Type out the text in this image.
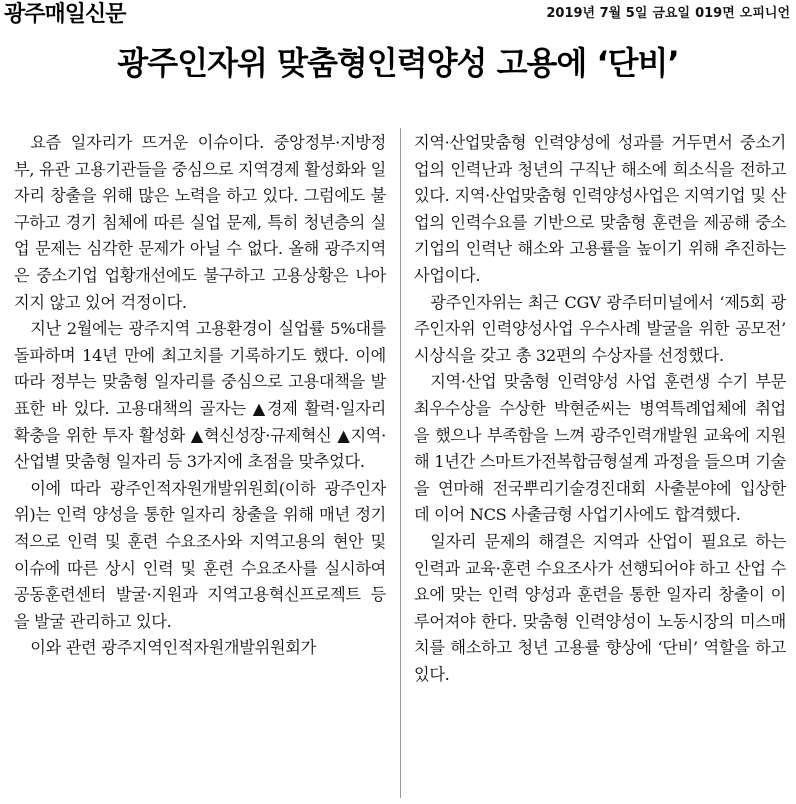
광주매일신문	2019년 7월 5일 금요일 019면 오피니언
광주인자위 맞춤형인력양성 고용에 ‘단비’

요즘 일자리가 뜨거운 이슈이다. 중앙정부·지방정부, 유관 고용기관들을 중심으로 지역경제 활성화와 일자리 창출을 위해 많은 노력을 하고 있다. 그럼에도 불구하고 경기 침체에 따른 실업 문제, 특히 청년층의 실업 문제는 심각한 문제가 아닐 수 없다. 올해 광주지역은 중소기업 업황개선에도 불구하고 고용상황은 나아지지 않고 있어 걱정이다.

지난 2월에는 광주지역 고용환경이 실업률 5%대를 돌파하며 14년 만에 최고치를 기록하기도 했다. 이에 따라 정부는 맞춤형 일자리를 중심으로 고용대책을 발표한 바 있다. 고용대책의 골자는 ▲경제 활력·일자리 확충을 위한 투자 활성화 ▲혁신성장·규제혁신 ▲지역·산업별 맞춤형 일자리 등 3가지에 초점을 맞추었다.

이에 따라 광주인적자원개발위원회(이하 광주인자위)는 인력 양성을 통한 일자리 창출을 위해 매년 정기적으로 인력 및 훈련 수요조사와 지역고용의 현안 및 이슈에 따른 상시 인력 및 훈련 수요조사를 실시하여 공동훈련센터 발굴·지원과 지역고용혁신프로젝트 등을 발굴 관리하고 있다.

이와 관련 광주지역인적자원개발위원회가

지역·산업맞춤형 인력양성에 성과를 거두면서 중소기업의 인력난과 청년의 구직난 해소에 희소식을 전하고 있다. 지역·산업맞춤형 인력양성사업은 지역기업 및 산업의 인력수요를 기반으로 맞춤형 훈련을 제공해 중소기업의 인력난 해소와 고용률을 높이기 위해 추진하는 사업이다.

광주인자위는 최근 CGV 광주터미널에서 ‘제5회 광주인자위 인력양성사업 우수사례 발굴을 위한 공모전’ 시상식을 갖고 총 32편의 수상자를 선정했다.

지역·산업 맞춤형 인력양성 사업 훈련생 수기 부문 최우수상을 수상한 박현준씨는 병역특례업체에 취업을 했으나 부족함을 느껴 광주인력개발원 교육에 지원해 1년간 스마트가전복합금형설계 과정을 들으며 기술을 연마해 전국뿌리기술경진대회 사출분야에 입상한데 이어 NCS 사출금형 사업기사에도 합격했다.

일자리 문제의 해결은 지역과 산업이 필요로 하는 인력과 교육·훈련 수요조사가 선행되어야 하고 산업 수요에 맞는 인력 양성과 훈련을 통한 일자리 창출이 이루어져야 한다. 맞춤형 인력양성이 노동시장의 미스매치를 해소하고 청년 고용률 향상에 ‘단비’ 역할을 하고 있다.
